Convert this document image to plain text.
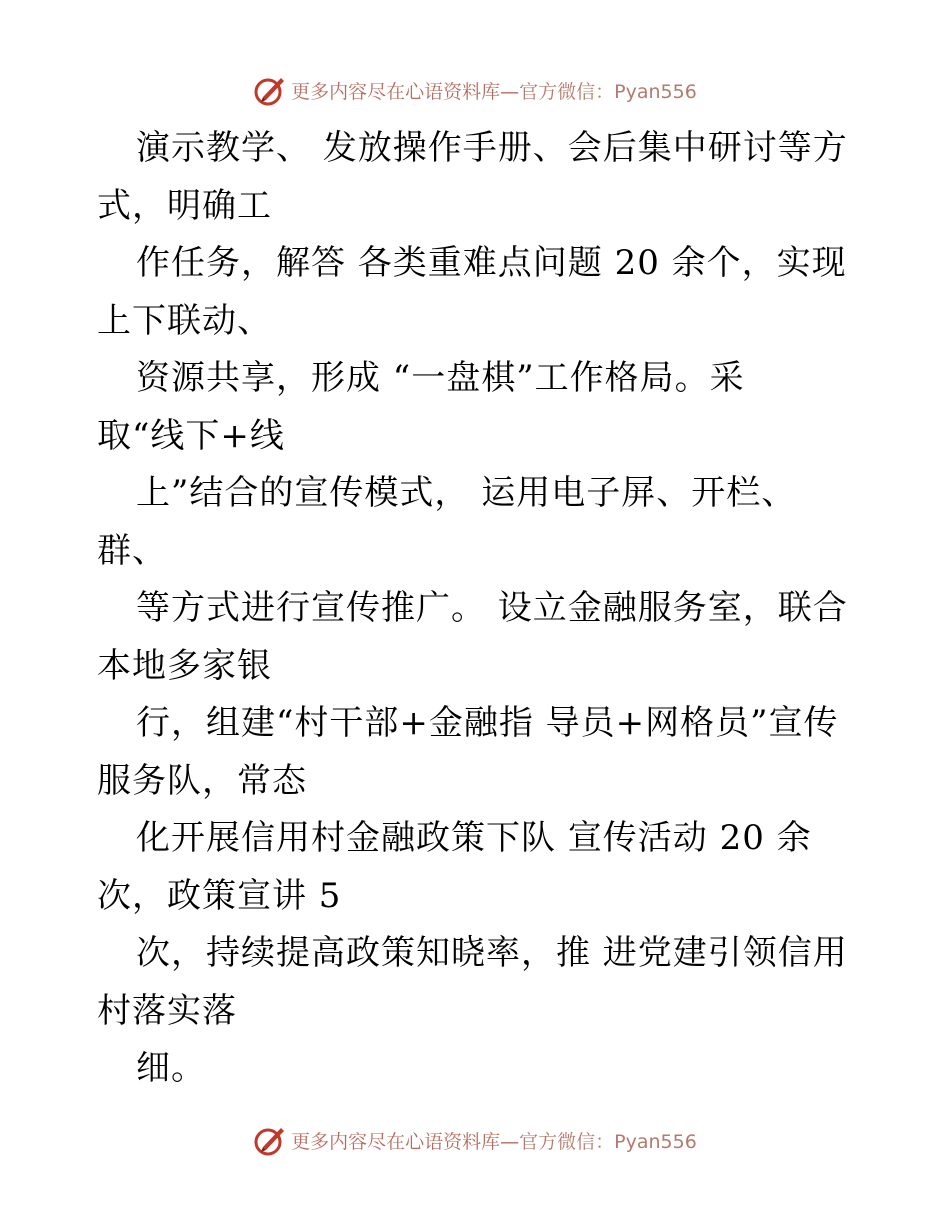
更多内容尽在心语资料库—官方微信：Pyan556
演示教学、 发放操作手册、会后集中研讨等方
式，明确工
作任务，解答 各类重难点问题 20 余个，实现
上下联动、
资源共享，形成 “一盘棋”工作格局。采
取“线下+线
上”结合的宣传模式， 运用电子屏、开栏、
群、
等方式进行宣传推广。 设立金融服务室，联合
本地多家银
行，组建“村干部+金融指 导员+网格员”宣传
服务队，常态
化开展信用村金融政策下队 宣传活动 20 余
次，政策宣讲 5
次，持续提高政策知晓率，推 进党建引领信用
村落实落
细。
更多内容尽在心语资料库—官方微信：Pyan556
